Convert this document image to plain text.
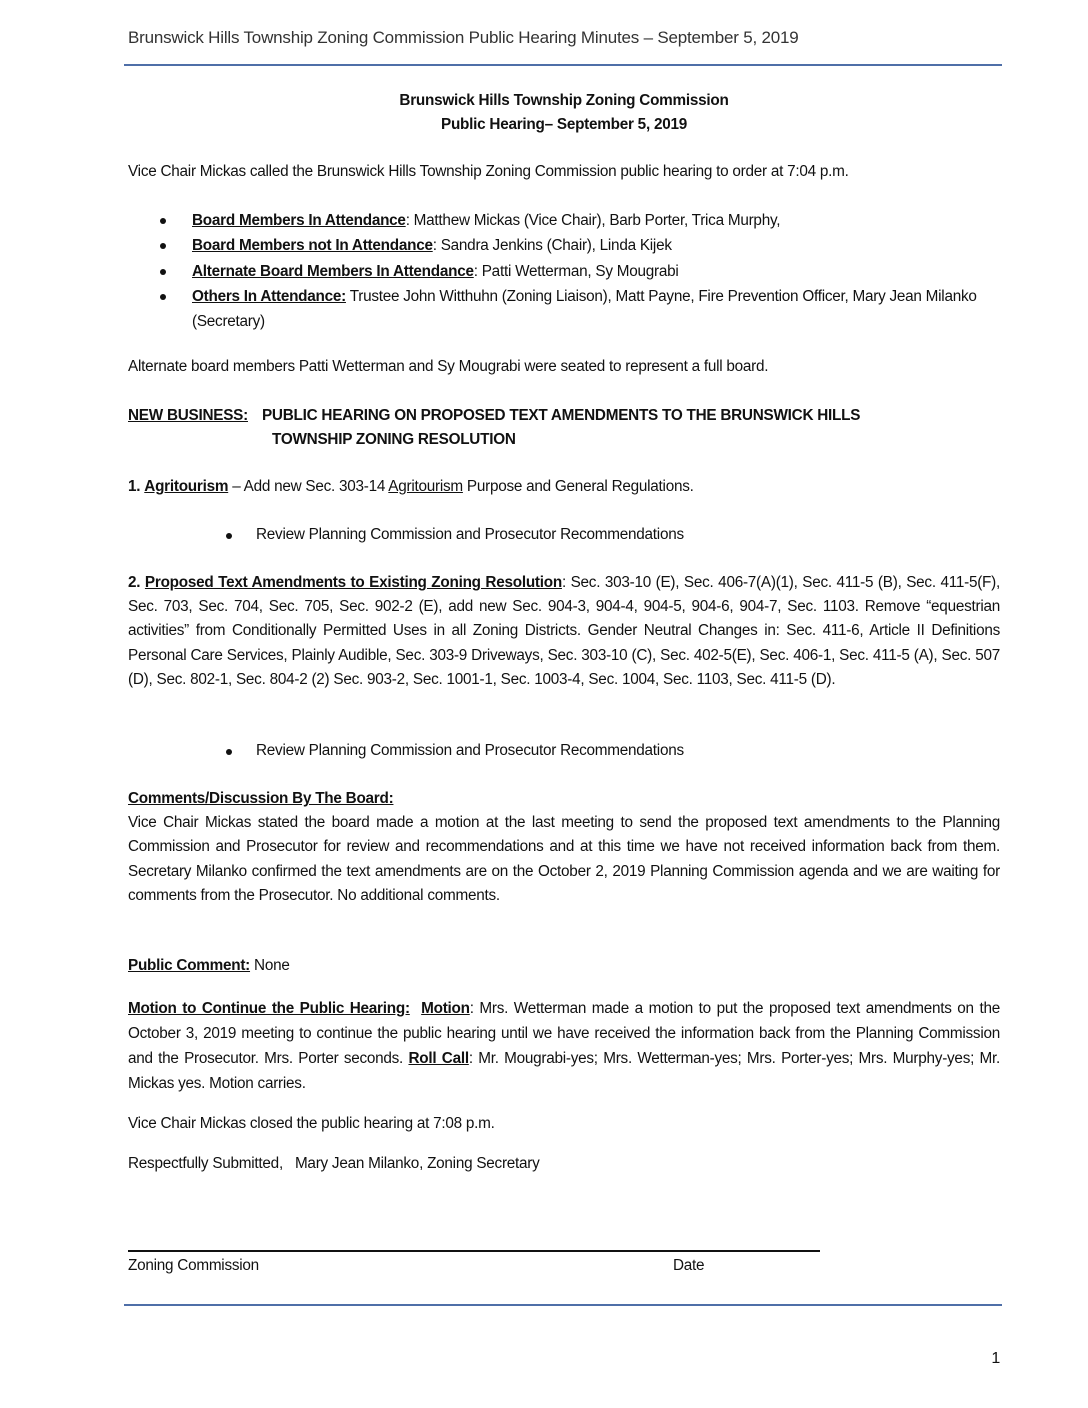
Brunswick Hills Township Zoning Commission Public Hearing Minutes – September 5, 2019
Brunswick Hills Township Zoning Commission
Public Hearing– September 5, 2019
Vice Chair Mickas called the Brunswick Hills Township Zoning Commission public hearing to order at 7:04 p.m.
Board Members In Attendance: Matthew Mickas (Vice Chair), Barb Porter, Trica Murphy,
Board Members not In Attendance: Sandra Jenkins (Chair), Linda Kijek
Alternate Board Members In Attendance: Patti Wetterman, Sy Mougrabi
Others In Attendance: Trustee John Witthuhn (Zoning Liaison), Matt Payne, Fire Prevention Officer, Mary Jean Milanko (Secretary)
Alternate board members Patti Wetterman and Sy Mougrabi were seated to represent a full board.
NEW BUSINESS: PUBLIC HEARING ON PROPOSED TEXT AMENDMENTS TO THE BRUNSWICK HILLS
TOWNSHIP ZONING RESOLUTION
1. Agritourism – Add new Sec. 303-14 Agritourism Purpose and General Regulations.
Review Planning Commission and Prosecutor Recommendations
2. Proposed Text Amendments to Existing Zoning Resolution: Sec. 303-10 (E), Sec. 406-7(A)(1), Sec. 411-5 (B), Sec. 411-5(F), Sec. 703, Sec. 704, Sec. 705, Sec. 902-2 (E), add new Sec. 904-3, 904-4, 904-5, 904-6, 904-7, Sec. 1103. Remove “equestrian activities” from Conditionally Permitted Uses in all Zoning Districts. Gender Neutral Changes in: Sec. 411-6, Article II Definitions Personal Care Services, Plainly Audible, Sec. 303-9 Driveways, Sec. 303-10 (C), Sec. 402-5(E), Sec. 406-1, Sec. 411-5 (A), Sec. 507 (D), Sec. 802-1, Sec. 804-2 (2) Sec. 903-2, Sec. 1001-1, Sec. 1003-4, Sec. 1004, Sec. 1103, Sec. 411-5 (D).
Review Planning Commission and Prosecutor Recommendations
Comments/Discussion By The Board:
Vice Chair Mickas stated the board made a motion at the last meeting to send the proposed text amendments to the Planning Commission and Prosecutor for review and recommendations and at this time we have not received information back from them. Secretary Milanko confirmed the text amendments are on the October 2, 2019 Planning Commission agenda and we are waiting for comments from the Prosecutor. No additional comments.
Public Comment: None
Motion to Continue the Public Hearing: Motion: Mrs. Wetterman made a motion to put the proposed text amendments on the October 3, 2019 meeting to continue the public hearing until we have received the information back from the Planning Commission and the Prosecutor. Mrs. Porter seconds. Roll Call: Mr. Mougrabi-yes; Mrs. Wetterman-yes; Mrs. Porter-yes; Mrs. Murphy-yes; Mr. Mickas yes. Motion carries.
Vice Chair Mickas closed the public hearing at 7:08 p.m.
Respectfully Submitted,   Mary Jean Milanko, Zoning Secretary
Zoning Commission	Date
1
